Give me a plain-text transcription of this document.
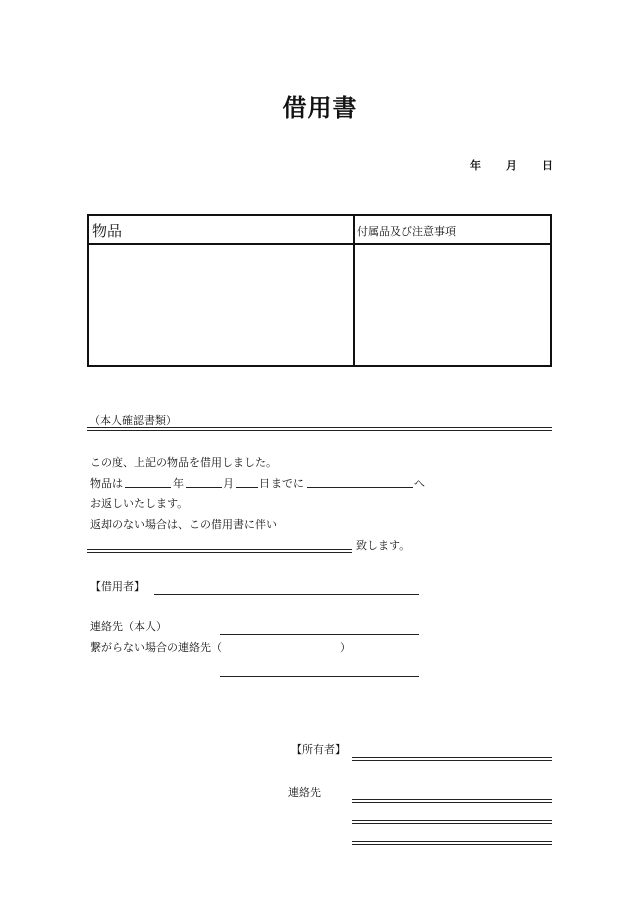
借用書
年 月 日
物品	付属品及び注意事項
（本人確認書類）
この度、上記の物品を借用しました。
物品は	年	月 日 までに	へ
お返しいたします。
返却のない場合は、この借用書に伴い
致します。
【借用者】
連絡先（本人）
繋がらない場合の連絡先（	）
【所有者】
連絡先
